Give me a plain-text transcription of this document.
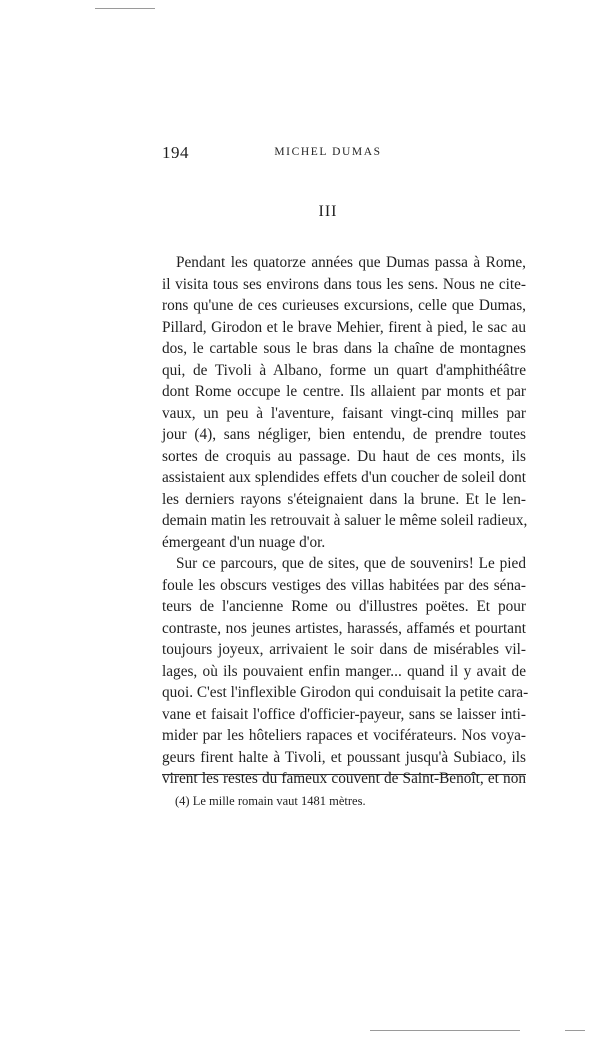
194	MICHEL DUMAS
III
Pendant les quatorze années que Dumas passa à Rome,
il visita tous ses environs dans tous les sens. Nous ne cite-
rons qu'une de ces curieuses excursions, celle que Dumas,
Pillard, Girodon et le brave Mehier, firent à pied, le sac au
dos, le cartable sous le bras dans la chaîne de montagnes
qui, de Tivoli à Albano, forme un quart d'amphithéâtre
dont Rome occupe le centre. Ils allaient par monts et par
vaux, un peu à l'aventure, faisant vingt-cinq milles par
jour (4), sans négliger, bien entendu, de prendre toutes
sortes de croquis au passage. Du haut de ces monts, ils
assistaient aux splendides effets d'un coucher de soleil dont
les derniers rayons s'éteignaient dans la brune. Et le len-
demain matin les retrouvait à saluer le même soleil radieux,
émergeant d'un nuage d'or.
Sur ce parcours, que de sites, que de souvenirs! Le pied
foule les obscurs vestiges des villas habitées par des séna-
teurs de l'ancienne Rome ou d'illustres poëtes. Et pour
contraste, nos jeunes artistes, harassés, affamés et pourtant
toujours joyeux, arrivaient le soir dans de misérables vil-
lages, où ils pouvaient enfin manger... quand il y avait de
quoi. C'est l'inflexible Girodon qui conduisait la petite cara-
vane et faisait l'office d'officier-payeur, sans se laisser inti-
mider par les hôteliers rapaces et vociférateurs. Nos voya-
geurs firent halte à Tivoli, et poussant jusqu'à Subiaco, ils
virent les restes du fameux couvent de Saint-Benoît, et non
(4) Le mille romain vaut 1481 mètres.
